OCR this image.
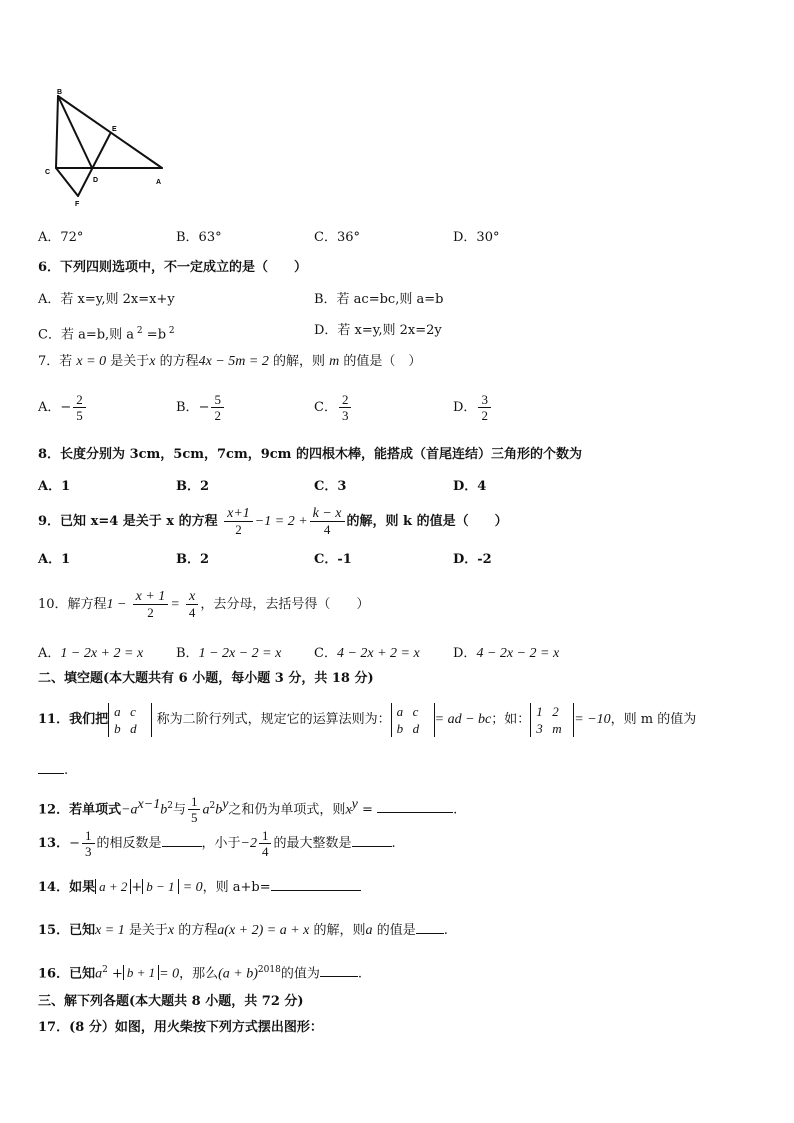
B
E
C
D	A
F
A．72°	B．63°	C．36°	D．30°
6．下列四则选项中，不一定成立的是（　　）
A．若 x=y,则 2x=x+y	B．若 ac=bc,则 a=b
C．若 a=b,则 a $^2$ =b $^2$	D．若 x=y,则 2x=2y
7．若 x = 0 是关于x 的方程4x − 5m = 2 的解，则 m 的值是（　）
A．− $\frac{2}{5}$	B．− $\frac{5}{2}$	C． $\frac{2}{3}$	D． $\frac{3}{2}$
8．长度分别为 3cm，5cm，7cm，9cm 的四根木棒，能搭成（首尾连结）三角形的个数为
A．1	B．2	C．3	D．4
9．已知 x=4 是关于 x 的方程 $\frac{x+1}{2} -1 = 2 + \frac{k - x}{4}$ 的解，则 k 的值是（　　）
A．1	B．2	C．-1	D．-2
10．解方程$1 - \frac{x + 1}{2} = \frac{x}{4}$ ，去分母，去括号得（　　）
A．1 − 2x + 2 = x	B．1 − 2x − 2 = x	C．4 − 2x + 2 = x	D．4 − 2x − 2 = x
二、填空题(本大题共有 6 小题，每小题 3 分，共 18 分)
11．我们把a c
b d 称为二阶行列式，规定它的运算法则为：a c
b d= ad − bc；如：1 2
3 m= −10，则 m 的值为
.
12．若单项式$-a^{x-1}b^2$与 $\frac{1}{5} a^2b^y$之和仍为单项式，则$x^y$ =	.
13．− $\frac{1}{3}$ 的相反数是	，小于$-2 \frac{1}{4}$ 的最大整数是	.
14．如果 a + 2 + b − 1 = 0，则 a+b=
15．已知x = 1 是关于x 的方程a(x + 2) = a + x 的解，则a 的值是 .
16．已知$a^2 + b + 1 = 0$，那么$(a + b)^{2018}$的值为	.
三、解下列各题(本大题共 8 小题，共 72 分)
17．(8 分）如图，用火柴按下列方式摆出图形：
